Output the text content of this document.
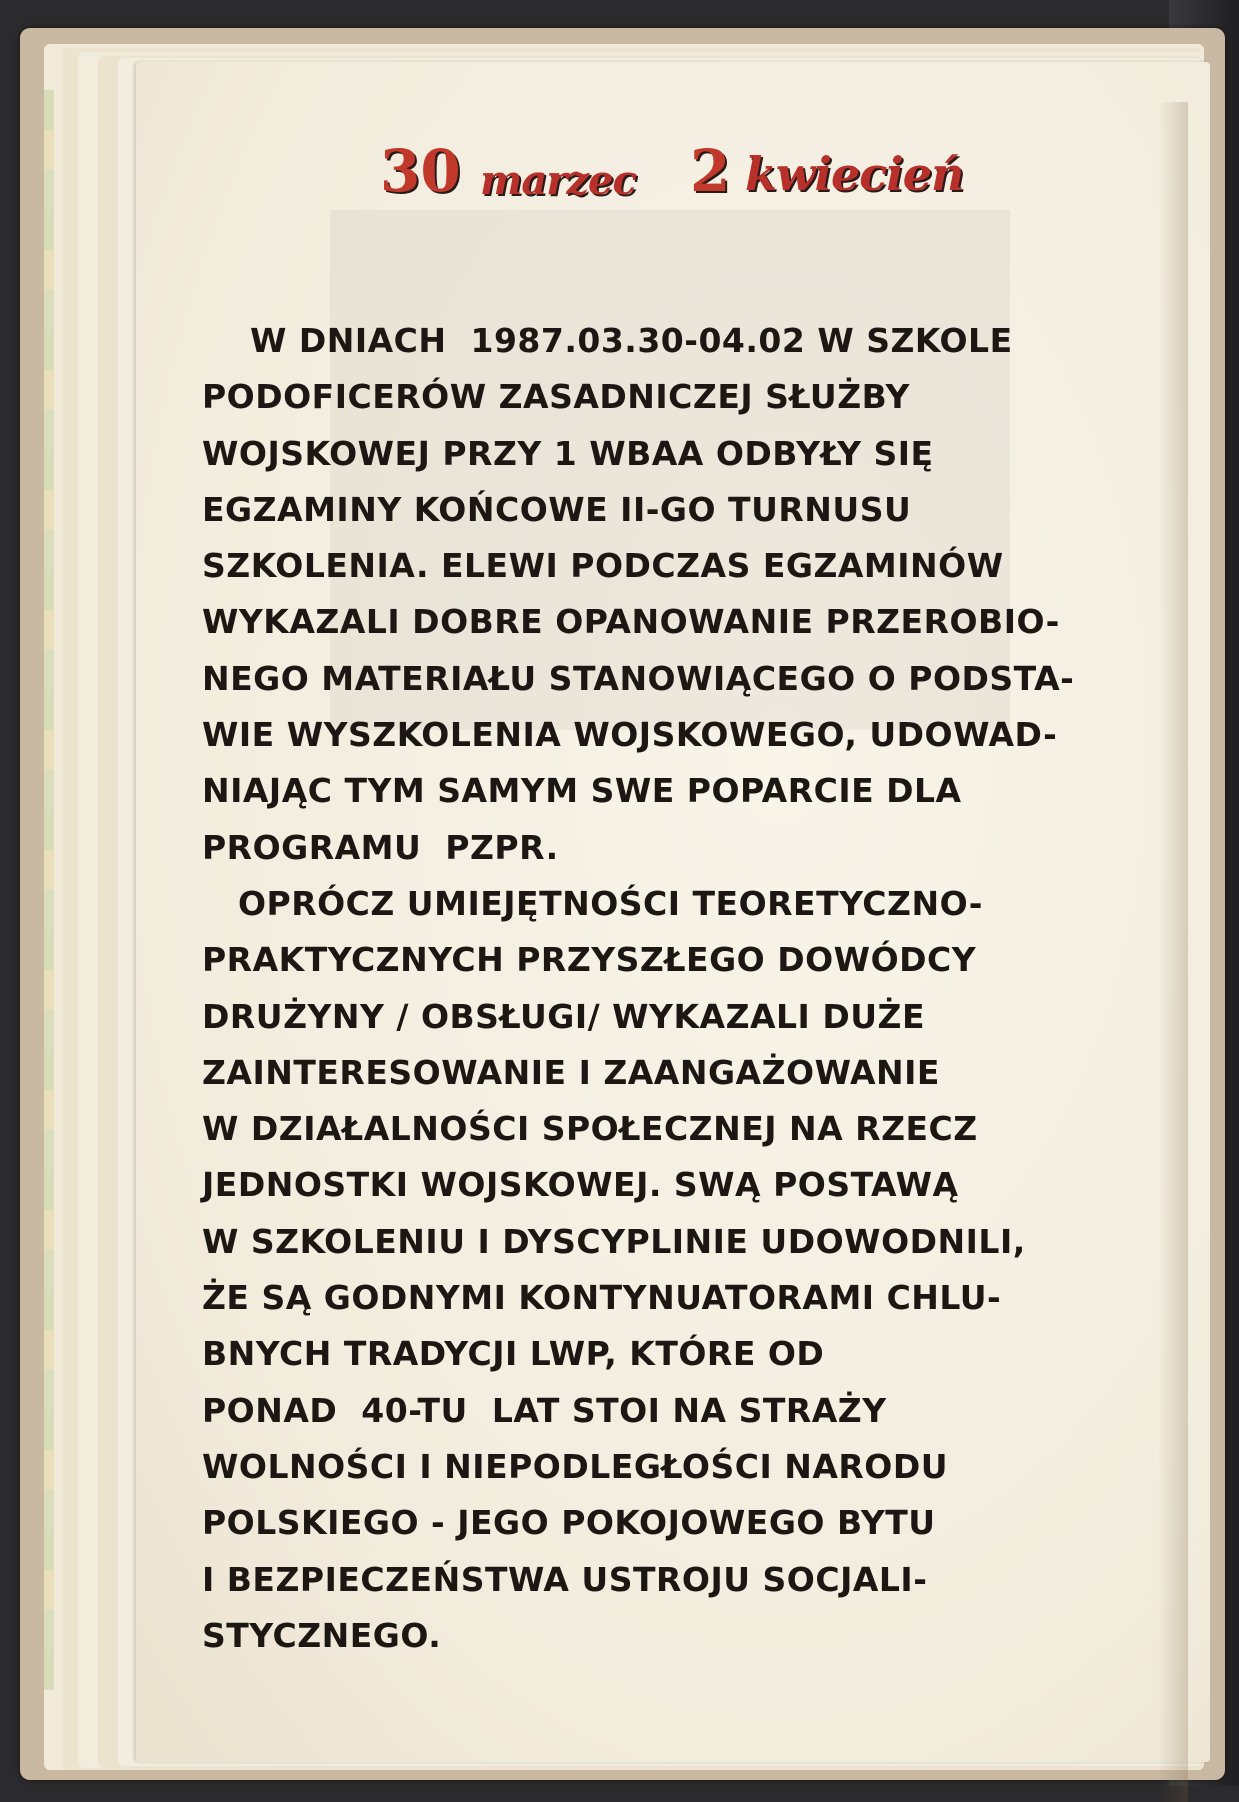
30 marzec 2 kwiecień
W DNIACH  1987.03.30-04.02 W SZKOLE
PODOFICERÓW ZASADNICZEJ SŁUŻBY
WOJSKOWEJ PRZY 1 WBAA ODBYŁY SIĘ
EGZAMINY KOŃCOWE II-GO TURNUSU
SZKOLENIA. ELEWI PODCZAS EGZAMINÓW
WYKAZALI DOBRE OPANOWANIE PRZEROBIO-
NEGO MATERIAŁU STANOWIĄCEGO O PODSTA-
WIE WYSZKOLENIA WOJSKOWEGO, UDOWAD-
NIAJĄC TYM SAMYM SWE POPARCIE DLA
PROGRAMU  PZPR.
OPRÓCZ UMIEJĘTNOŚCI TEORETYCZNO-
PRAKTYCZNYCH PRZYSZŁEGO DOWÓDCY
DRUŻYNY / OBSŁUGI/ WYKAZALI DUŻE
ZAINTERESOWANIE I ZAANGAŻOWANIE
W DZIAŁALNOŚCI SPOŁECZNEJ NA RZECZ
JEDNOSTKI WOJSKOWEJ. SWĄ POSTAWĄ
W SZKOLENIU I DYSCYPLINIE UDOWODNILI,
ŻE SĄ GODNYMI KONTYNUATORAMI CHLU-
BNYCH TRADYCJI LWP, KTÓRE OD
PONAD  40-TU  LAT STOI NA STRAŻY
WOLNOŚCI I NIEPODLEGŁOŚCI NARODU
POLSKIEGO - JEGO POKOJOWEGO BYTU
I BEZPIECZEŃSTWA USTROJU SOCJALI-
STYCZNEGO.
